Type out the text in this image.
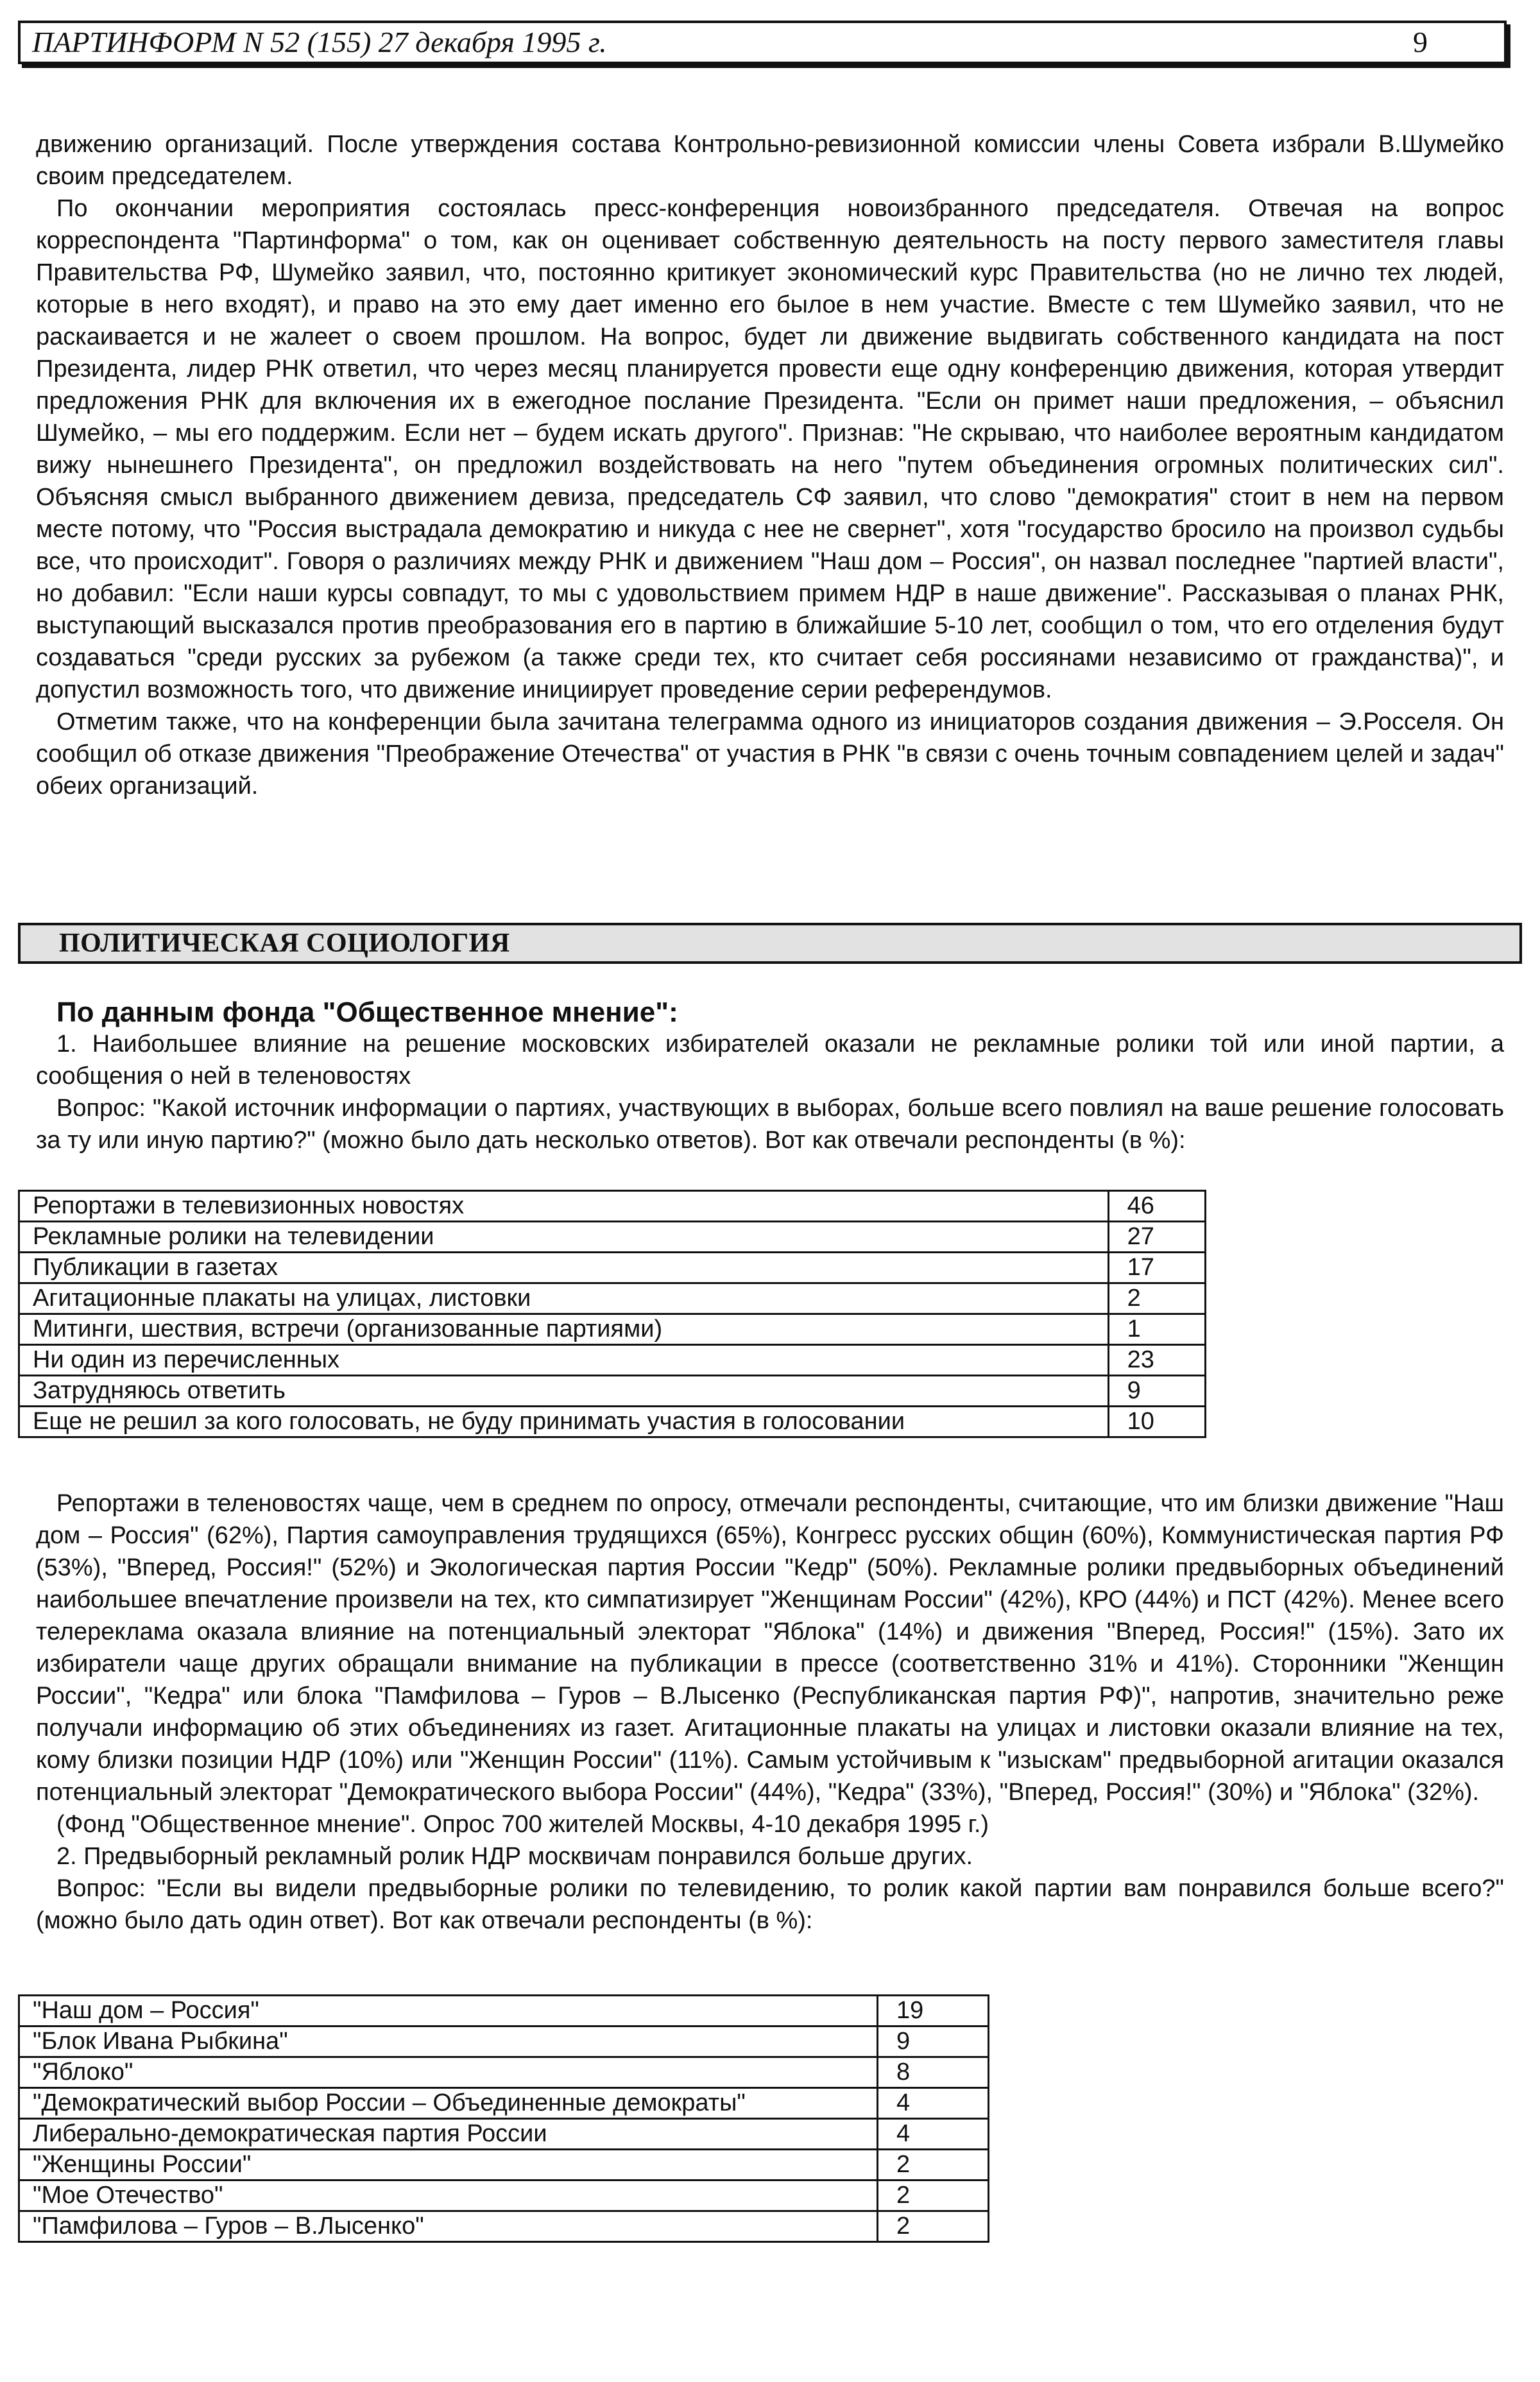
ПАРТИНФОРМ N 52 (155) 27 декабря 1995 г.	9

движению организаций. После утверждения состава Контрольно-ревизионной комиссии члены Совета избрали В.Шумейко своим председателем.

По окончании мероприятия состоялась пресс-конференция новоизбранного председателя. Отвечая на вопрос корреспондента "Партинформа" о том, как он оценивает собственную деятельность на посту первого заместителя главы Правительства РФ, Шумейко заявил, что, постоянно критикует экономический курс Правительства (но не лично тех людей, которые в него входят), и право на это ему дает именно его былое в нем участие. Вместе с тем Шумейко заявил, что не раскаивается и не жалеет о своем прошлом. На вопрос, будет ли движение выдвигать собственного кандидата на пост Президента, лидер РНК ответил, что через месяц планируется провести еще одну конференцию движения, которая утвердит предложения РНК для включения их в ежегодное послание Президента. "Если он примет наши предложения, – объяснил Шумейко, – мы его поддержим. Если нет – будем искать другого". Признав: "Не скрываю, что наиболее вероятным кандидатом вижу нынешнего Президента", он предложил воздействовать на него "путем объединения огромных политических сил". Объясняя смысл выбранного движением девиза, председатель СФ заявил, что слово "демократия" стоит в нем на первом месте потому, что "Россия выстрадала демократию и никуда с нее не свернет", хотя "государство бросило на произвол судьбы все, что происходит". Говоря о различиях между РНК и движением "Наш дом – Россия", он назвал последнее "партией власти", но добавил: "Если наши курсы совпадут, то мы с удовольствием примем НДР в наше движение". Рассказывая о планах РНК, выступающий высказался против преобразования его в партию в ближайшие 5-10 лет, сообщил о том, что его отделения будут создаваться "среди русских за рубежом (а также среди тех, кто считает себя россиянами независимо от гражданства)", и допустил возможность того, что движение инициирует проведение серии референдумов.

Отметим также, что на конференции была зачитана телеграмма одного из инициаторов создания движения – Э.Росселя. Он сообщил об отказе движения "Преображение Отечества" от участия в РНК "в связи с очень точным совпадением целей и задач" обеих организаций.

ПОЛИТИЧЕСКАЯ СОЦИОЛОГИЯ
По данным фонда "Общественное мнение":

1. Наибольшее влияние на решение московских избирателей оказали не рекламные ролики той или иной партии, а сообщения о ней в теленовостях

Вопрос: "Какой источник информации о партиях, участвующих в выборах, больше всего повлиял на ваше решение голосовать за ту или иную партию?" (можно было дать несколько ответов). Вот как отвечали респонденты (в %):

Репортажи в телевизионных новостях	46
Рекламные ролики на телевидении	27
Публикации в газетах	17
Агитационные плакаты на улицах, листовки	2
Митинги, шествия, встречи (организованные партиями)	1
Ни один из перечисленных	23
Затрудняюсь ответить	9
Еще не решил за кого голосовать, не буду принимать участия в голосовании	10

Репортажи в теленовостях чаще, чем в среднем по опросу, отмечали респонденты, считающие, что им близки движение "Наш дом – Россия" (62%), Партия самоуправления трудящихся (65%), Конгресс русских общин (60%), Коммунистическая партия РФ (53%), "Вперед, Россия!" (52%) и Экологическая партия России "Кедр" (50%). Рекламные ролики предвыборных объединений наибольшее впечатление произвели на тех, кто симпатизирует "Женщинам России" (42%), КРО (44%) и ПСТ (42%). Менее всего телереклама оказала влияние на потенциальный электорат "Яблока" (14%) и движения "Вперед, Россия!" (15%). Зато их избиратели чаще других обращали внимание на публикации в прессе (соответственно 31% и 41%). Сторонники "Женщин России", "Кедра" или блока "Памфилова – Гуров – В.Лысенко (Республиканская партия РФ)", напротив, значительно реже получали информацию об этих объединениях из газет. Агитационные плакаты на улицах и листовки оказали влияние на тех, кому близки позиции НДР (10%) или "Женщин России" (11%). Самым устойчивым к "изыскам" предвыборной агитации оказался потенциальный электорат "Демократического выбора России" (44%), "Кедра" (33%), "Вперед, Россия!" (30%) и "Яблока" (32%).

(Фонд "Общественное мнение". Опрос 700 жителей Москвы, 4-10 декабря 1995 г.)

2. Предвыборный рекламный ролик НДР москвичам понравился больше других.

Вопрос: "Если вы видели предвыборные ролики по телевидению, то ролик какой партии вам понравился больше всего?" (можно было дать один ответ). Вот как отвечали респонденты (в %):

"Наш дом – Россия"	19
"Блок Ивана Рыбкина"	9
"Яблоко"	8
"Демократический выбор России – Объединенные демократы"	4
Либерально-демократическая партия России	4
"Женщины России"	2
"Мое Отечество"	2
"Памфилова – Гуров – В.Лысенко"	2
